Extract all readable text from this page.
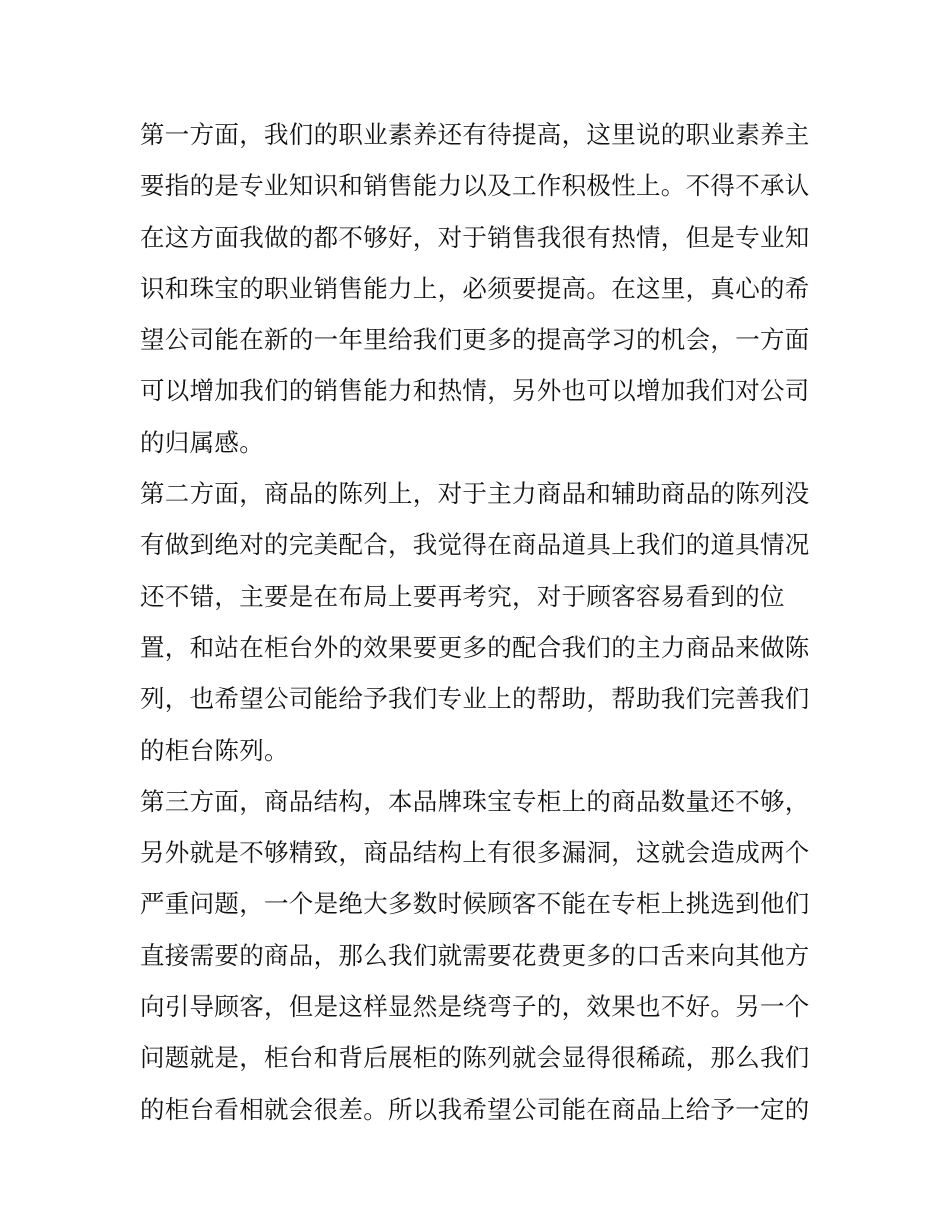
第一方面，我们的职业素养还有待提高，这里说的职业素养主
要指的是专业知识和销售能力以及工作积极性上。不得不承认
在这方面我做的都不够好，对于销售我很有热情，但是专业知
识和珠宝的职业销售能力上，必须要提高。在这里，真心的希
望公司能在新的一年里给我们更多的提高学习的机会，一方面
可以增加我们的销售能力和热情，另外也可以增加我们对公司
的归属感。
第二方面，商品的陈列上，对于主力商品和辅助商品的陈列没
有做到绝对的完美配合，我觉得在商品道具上我们的道具情况
还不错，主要是在布局上要再考究，对于顾客容易看到的位
置，和站在柜台外的效果要更多的配合我们的主力商品来做陈
列，也希望公司能给予我们专业上的帮助，帮助我们完善我们
的柜台陈列。
第三方面，商品结构，本品牌珠宝专柜上的商品数量还不够，
另外就是不够精致，商品结构上有很多漏洞，这就会造成两个
严重问题，一个是绝大多数时候顾客不能在专柜上挑选到他们
直接需要的商品，那么我们就需要花费更多的口舌来向其他方
向引导顾客，但是这样显然是绕弯子的，效果也不好。另一个
问题就是，柜台和背后展柜的陈列就会显得很稀疏，那么我们
的柜台看相就会很差。所以我希望公司能在商品上给予一定的
